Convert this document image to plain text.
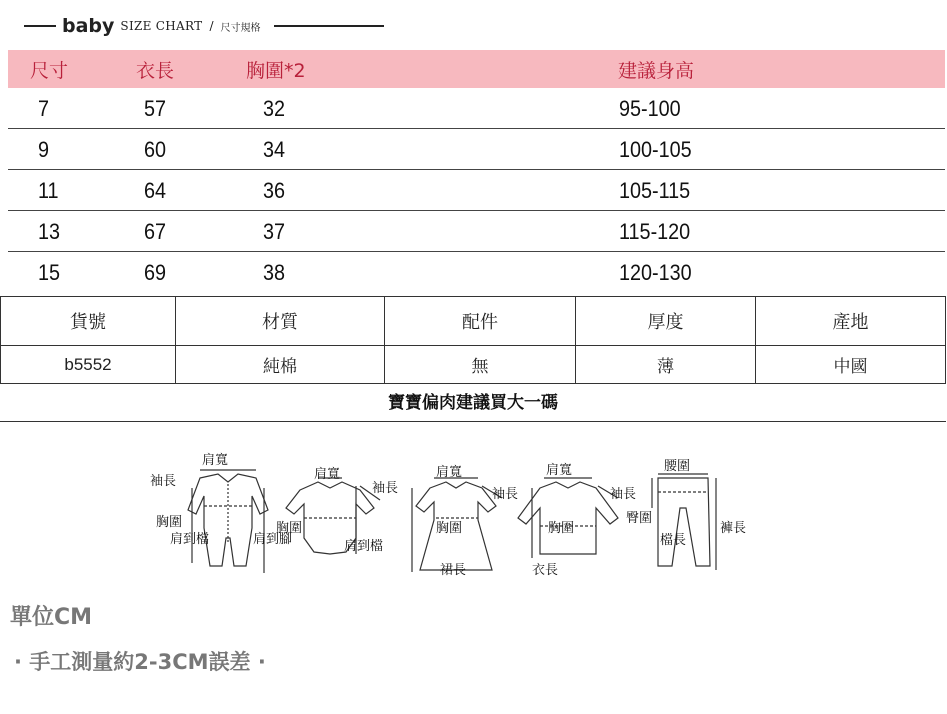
baby SIZE CHART / 尺寸規格
尺寸	衣長	胸圍*2	建議身高
7	57	32	95-100
9	60	34	100-105
11	64	36	105-115
13	67	37	115-120
15	69	38	120-130
貨號	材質	配件	厚度	產地
b5552	純棉	無	薄	中國
寶寶偏肉建議買大一碼
袖長
肩寬
胸圍
肩到檔	肩到腳
肩寬
袖長
胸圍
肩到檔
肩寬
袖長
胸圍
裙長
肩寬
袖長
胸圍
衣長
腰圍
臀圍
檔長
褲長
單位CM
· 手工測量約2-3CM誤差 ·
